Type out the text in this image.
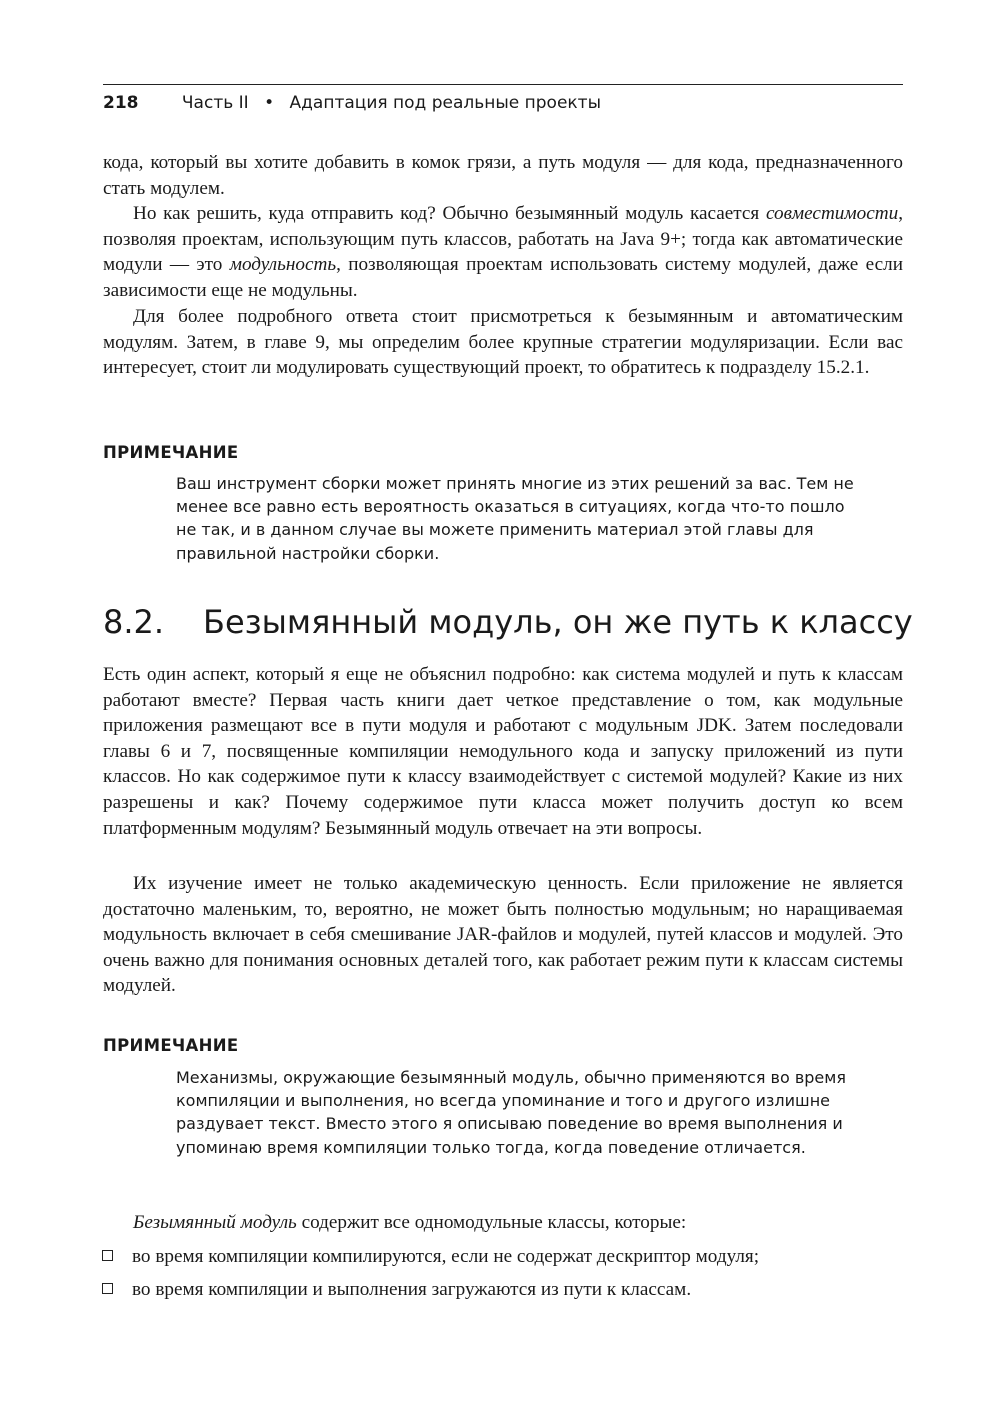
218	Часть II • Адаптация под реальные проекты

кода, который вы хотите добавить в комок грязи, а путь модуля — для кода, предназначенного стать модулем.

Но как решить, куда отправить код? Обычно безымянный модуль касается совместимости, позволяя проектам, использующим путь классов, работать на Java 9+; тогда как автоматические модули — это модульность, позволяющая проектам использовать систему модулей, даже если зависимости еще не модульны.

Для более подробного ответа стоит присмотреться к безымянным и автоматическим модулям. Затем, в главе 9, мы определим более крупные стратегии модуляризации. Если вас интересует, стоит ли модулировать существующий проект, то обратитесь к подразделу 15.2.1.

ПРИМЕЧАНИЕ

Ваш инструмент сборки может принять многие из этих решений за вас. Тем не менее все равно есть вероятность оказаться в ситуациях, когда что-то пошло не так, и в данном случае вы можете применить материал этой главы для правильной настройки сборки.

8.2. Безымянный модуль, он же путь к классу

Есть один аспект, который я еще не объяснил подробно: как система модулей и путь к классам работают вместе? Первая часть книги дает четкое представление о том, как модульные приложения размещают все в пути модуля и работают с модульным JDK. Затем последовали главы 6 и 7, посвященные компиляции немодульного кода и запуску приложений из пути классов. Но как содержимое пути к классу взаимодействует с системой модулей? Какие из них разрешены и как? Почему содержимое пути класса может получить доступ ко всем платформенным модулям? Безымянный модуль отвечает на эти вопросы.

Их изучение имеет не только академическую ценность. Если приложение не является достаточно маленьким, то, вероятно, не может быть полностью модульным; но наращиваемая модульность включает в себя смешивание JAR-файлов и модулей, путей классов и модулей. Это очень важно для понимания основных деталей того, как работает режим пути к классам системы модулей.

ПРИМЕЧАНИЕ

Механизмы, окружающие безымянный модуль, обычно применяются во время компиляции и выполнения, но всегда упоминание и того и другого излишне раздувает текст. Вместо этого я описываю поведение во время выполнения и упоминаю время компиляции только тогда, когда поведение отличается.

Безымянный модуль содержит все одномодульные классы, которые:

во время компиляции компилируются, если не содержат дескриптор модуля;
во время компиляции и выполнения загружаются из пути к классам.
